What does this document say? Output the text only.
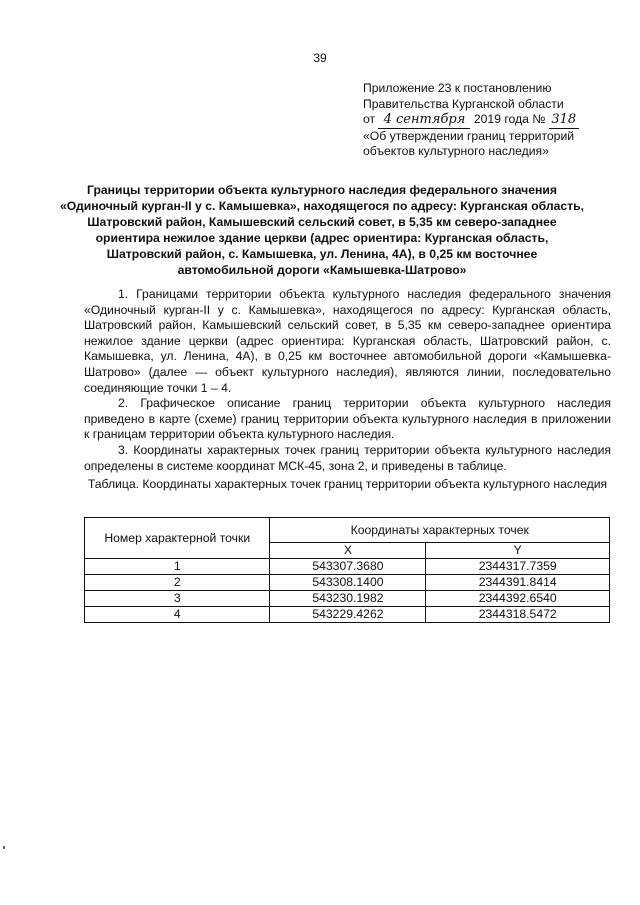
39
Приложение 23 к постановлению
Правительства Курганской области
от 4 сентября 2019 года № 318
«Об утверждении границ территорий
объектов культурного наследия»
Границы территории объекта культурного наследия федерального значения «Одиночный курган-II у с. Камышевка», находящегося по адресу: Курганская область, Шатровский район, Камышевский сельский совет, в 5,35 км северо-западнее ориентира нежилое здание церкви (адрес ориентира: Курганская область, Шатровский район, с. Камышевка, ул. Ленина, 4А), в 0,25 км восточнее автомобильной дороги «Камышевка-Шатрово»

1. Границами территории объекта культурного наследия федерального значения «Одиночный курган-II у с. Камышевка», находящегося по адресу: Курганская область, Шатровский район, Камышевский сельский совет, в 5,35 км северо-западнее ориентира нежилое здание церкви (адрес ориентира: Курганская область, Шатровский район, с. Камышевка, ул. Ленина, 4А), в 0,25 км восточнее автомобильной дороги «Камышевка-Шатрово» (далее — объект культурного наследия), являются линии, последовательно соединяющие точки 1 – 4.

2. Графическое описание границ территории объекта культурного наследия приведено в карте (схеме) границ территории объекта культурного наследия в приложении к границам территории объекта культурного наследия.

3. Координаты характерных точек границ территории объекта культурного наследия определены в системе координат МСК-45, зона 2, и приведены в таблице.

Таблица. Координаты характерных точек границ территории объекта культурного наследия
Номер характерной точки	Координаты характерных точек	
	X	Y
1	543307.3680	2344317.7359
2	543308.1400	2344391.8414
3	543230.1982	2344392.6540
4	543229.4262	2344318.5472
